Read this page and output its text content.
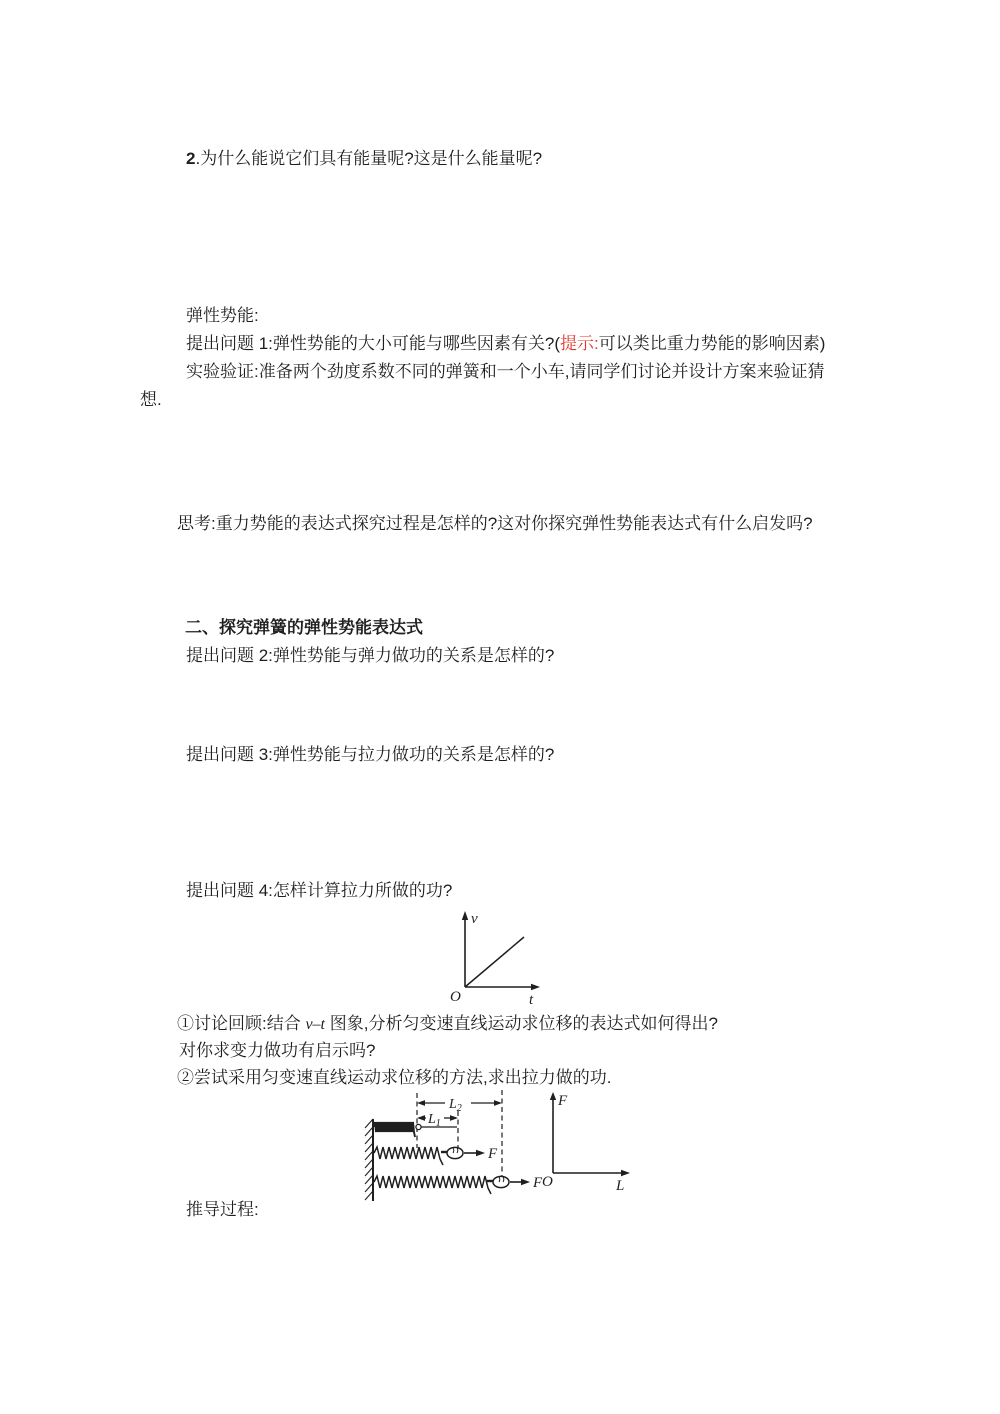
2.为什么能说它们具有能量呢?这是什么能量呢?
弹性势能:
提出问题 1:弹性势能的大小可能与哪些因素有关?(提示:可以类比重力势能的影响因素)
实验验证:准备两个劲度系数不同的弹簧和一个小车,请同学们讨论并设计方案来验证猜
想.
思考:重力势能的表达式探究过程是怎样的?这对你探究弹性势能表达式有什么启发吗?
二、探究弹簧的弹性势能表达式
提出问题 2:弹性势能与弹力做功的关系是怎样的?
提出问题 3:弹性势能与拉力做功的关系是怎样的?
提出问题 4:怎样计算拉力所做的功?
v
t
O
①讨论回顾:结合 v–t 图象,分析匀变速直线运动求位移的表达式如何得出?
对你求变力做功有启示吗?
②尝试采用匀变速直线运动求位移的方法,求出拉力做的功.
$L_2$
$L_1$
F
F
F
L
O
推导过程:
